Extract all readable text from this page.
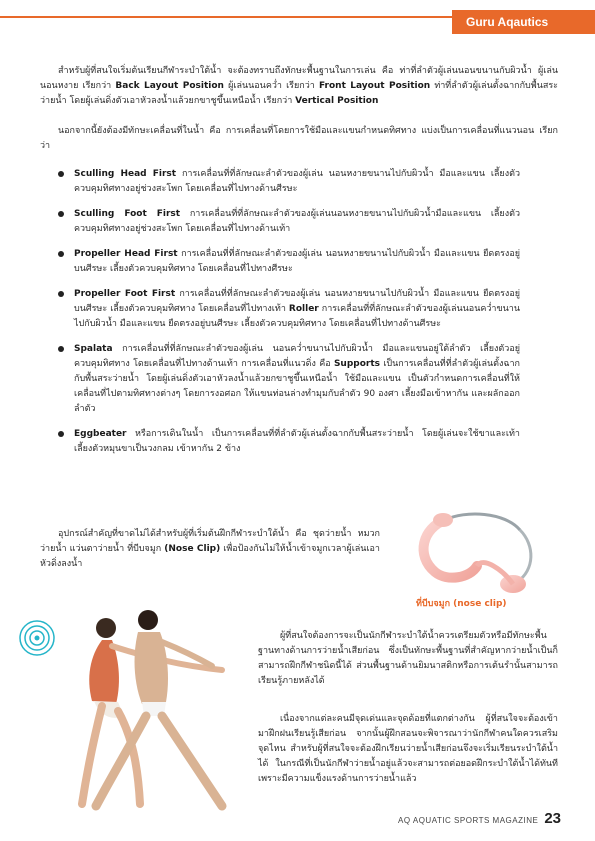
Guru Aqautics
สำหรับผู้ที่สนใจเริ่มต้นเรียนกีฬาระบำใต้น้ำ จะต้องทราบถึงทักษะพื้นฐานในการเล่น คือ ท่าที่ลำตัวผู้เล่นนอนขนานกับผิวน้ำ ผู้เล่นนอนหงาย เรียกว่า Back Layout Position ผู้เล่นนอนคว่ำ เรียกว่า Front Layout Position ท่าที่ลำตัวผู้เล่นตั้งฉากกับพื้นสระว่ายน้ำ โดยผู้เล่นดิ่งตัวเอาหัวลงน้ำแล้วยกขาชูขึ้นเหนือน้ำ เรียกว่า Vertical Position
นอกจากนี้ยังต้องมีทักษะเคลื่อนที่ในน้ำ คือ การเคลื่อนที่โดยการใช้มือและแขนกำหนดทิศทาง แบ่งเป็นการเคลื่อนที่แนวนอน เรียกว่า
Sculling Head First การเคลื่อนที่ที่ลักษณะลำตัวของผู้เล่น นอนหงายขนานไปกับผิวน้ำ มือและแขน เลี้ยงตัวควบคุมทิศทางอยู่ช่วงสะโพก โดยเคลื่อนที่ไปทางด้านศีรษะ
Sculling Foot First การเคลื่อนที่ที่ลักษณะลำตัวของผู้เล่นนอนหงายขนานไปกับผิวน้ำมือและแขน เลี้ยงตัวควบคุมทิศทางอยู่ช่วงสะโพก โดยเคลื่อนที่ไปทางด้านเท้า
Propeller Head First การเคลื่อนที่ที่ลักษณะลำตัวของผู้เล่น นอนหงายขนานไปกับผิวน้ำ มือและแขน ยืดตรงอยู่บนศีรษะ เลี้ยงตัวควบคุมทิศทาง โดยเคลื่อนที่ไปทางศีรษะ
Propeller Foot First การเคลื่อนที่ที่ลักษณะลำตัวของผู้เล่น นอนหงายขนานไปกับผิวน้ำ มือและแขน ยืดตรงอยู่บนศีรษะ เลี้ยงตัวควบคุมทิศทาง โดยเคลื่อนที่ไปทางเท้า Roller การเคลื่อนที่ที่ลักษณะลำตัวของผู้เล่นนอนคว่ำขนานไปกับผิวน้ำ มือและแขน ยืดตรงอยู่บนศีรษะ เลี้ยงตัวควบคุมทิศทาง โดยเคลื่อนที่ไปทางด้านศีรษะ
Spalata การเคลื่อนที่ที่ลักษณะลำตัวของผู้เล่น นอนคว่ำขนานไปกับผิวน้ำ มือและแขนอยู่ใต้ลำตัว เลี้ยงตัวอยู่ควบคุมทิศทาง โดยเคลื่อนที่ไปทางด้านเท้า การเคลื่อนที่แนวดิ่ง คือ Supports เป็นการเคลื่อนที่ที่ลำตัวผู้เล่นตั้งฉากกับพื้นสระว่ายน้ำ โดยผู้เล่นดิ่งตัวเอาหัวลงน้ำแล้วยกขาชูขึ้นเหนือน้ำ ใช้มือและแขน เป็นตัวกำหนดการเคลื่อนที่ให้เคลื่อนที่ไปตามทิศทางต่างๆ โดยการงอศอก ให้แขนท่อนล่างทำมุมกับลำตัว 90 องศา เลี้ยงมือเข้าหากัน และผลักออกลำตัว
Eggbeater หรือการเดินในน้ำ เป็นการเคลื่อนที่ที่ลำตัวผู้เล่นตั้งฉากกับพื้นสระว่ายน้ำ โดยผู้เล่นจะใช้ขาและเท้า เลี้ยงตัวหมุนขาเป็นวงกลม เข้าหากัน 2 ข้าง
อุปกรณ์สำคัญที่ขาดไม่ได้สำหรับผู้ที่เริ่มต้นฝึกกีฬาระบำใต้น้ำ คือ ชุดว่ายน้ำ หมวกว่ายน้ำ แว่นตาว่ายน้ำ ที่บีบจมูก (Nose Clip) เพื่อป้องกันไม่ให้น้ำเข้าจมูกเวลาผู้เล่นเอาหัวดิ่งลงน้ำ
ที่บีบจมูก (nose clip)
ผู้ที่สนใจต้องการจะเป็นนักกีฬาระบำใต้น้ำควรเตรียมตัวหรือมีทักษะพื้นฐานทางด้านการว่ายน้ำเสียก่อน ซึ่งเป็นทักษะพื้นฐานที่สำคัญหากว่ายน้ำเป็นก็สามารถฝึกกีฬาชนิดนี้ได้ ส่วนพื้นฐานด้านยิมนาสติกหรือการเต้นรำนั้นสามารถเรียนรู้ภายหลังได้
เนื่องจากแต่ละคนมีจุดเด่นและจุดด้อยที่แตกต่างกัน ผู้ที่สนใจจะต้องเข้ามาฝึกฝนเรียนรู้เสียก่อน จากนั้นผู้ฝึกสอนจะพิจารณาว่านักกีฬาคนใดควรเสริมจุดไหน สำหรับผู้ที่สนใจจะต้องฝึกเรียนว่ายน้ำเสียก่อนจึงจะเริ่มเรียนระบำใต้น้ำได้ ในกรณีที่เป็นนักกีฬาว่ายน้ำอยู่แล้วจะสามารถต่อยอดฝึกระบำใต้น้ำได้ทันทีเพราะมีความแข็งแรงด้านการว่ายน้ำแล้ว
AQ AQUATIC SPORTS MAGAZINE 23
